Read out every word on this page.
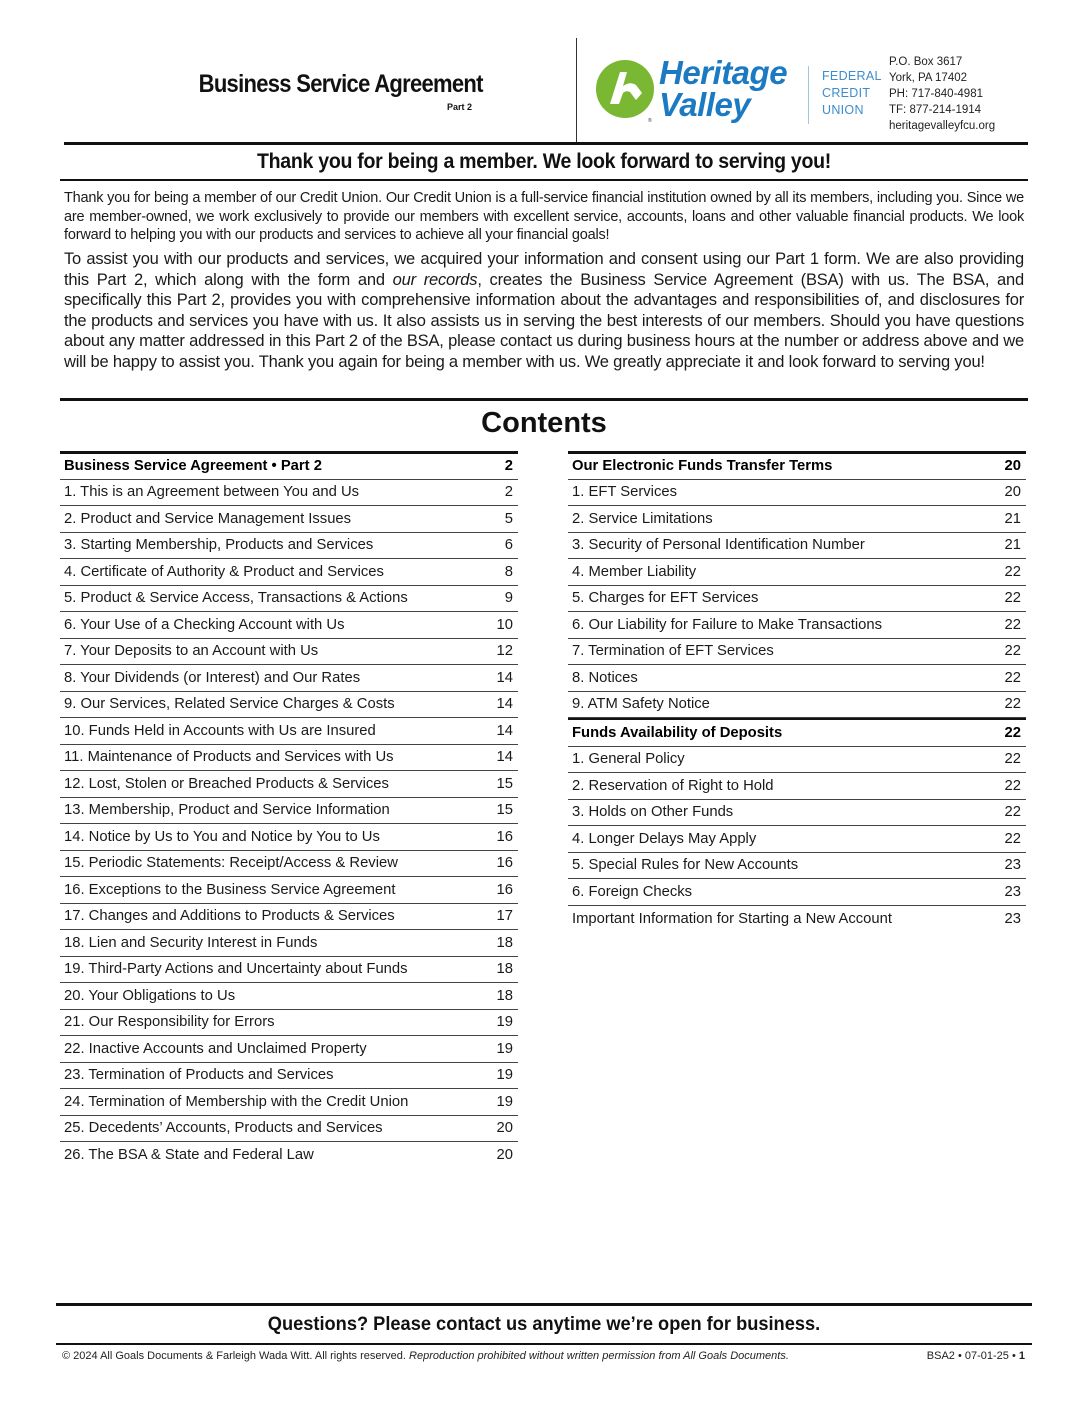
Business Service Agreement
Part 2
®
Heritage
Valley
FEDERAL
CREDIT
UNION
P.O. Box 3617
York, PA 17402
PH: 717-840-4981
TF: 877-214-1914
heritagevalleyfcu.org
Thank you for being a member. We look forward to serving you!
Thank you for being a member of our Credit Union. Our Credit Union is a full-service financial institution owned by all its members, including you. Since we are member-owned, we work exclusively to provide our members with excellent service, accounts, loans and other valuable financial products. We look forward to helping you with our products and services to achieve all your financial goals!
To assist you with our products and services, we acquired your information and consent using our Part 1 form. We are also providing this Part 2, which along with the form and our records, creates the Business Service Agreement (BSA) with us. The BSA, and specifically this Part 2, provides you with comprehensive information about the advantages and responsibilities of, and disclosures for the products and services you have with us. It also assists us in serving the best interests of our members. Should you have questions about any matter addressed in this Part 2 of the BSA, please contact us during business hours at the number or address above and we will be happy to assist you. Thank you again for being a member with us. We greatly appreciate it and look forward to serving you!
Contents
Business Service Agreement • Part 2	2
1. This is an Agreement between You and Us	2
2. Product and Service Management Issues	5
3. Starting Membership, Products and Services	6
4. Certificate of Authority & Product and Services	8
5. Product & Service Access, Transactions & Actions	9
6. Your Use of a Checking Account with Us	10
7. Your Deposits to an Account with Us	12
8. Your Dividends (or Interest) and Our Rates	14
9. Our Services, Related Service Charges & Costs	14
10. Funds Held in Accounts with Us are Insured	14
11. Maintenance of Products and Services with Us	14
12. Lost, Stolen or Breached Products & Services	15
13. Membership, Product and Service Information	15
14. Notice by Us to You and Notice by You to Us	16
15. Periodic Statements: Receipt/Access & Review	16
16. Exceptions to the Business Service Agreement	16
17. Changes and Additions to Products & Services	17
18. Lien and Security Interest in Funds	18
19. Third-Party Actions and Uncertainty about Funds	18
20. Your Obligations to Us	18
21. Our Responsibility for Errors	19
22. Inactive Accounts and Unclaimed Property	19
23. Termination of Products and Services	19
24. Termination of Membership with the Credit Union	19
25. Decedents’ Accounts, Products and Services	20
26. The BSA & State and Federal Law	20
Our Electronic Funds Transfer Terms	20
1. EFT Services	20
2. Service Limitations	21
3. Security of Personal Identification Number	21
4. Member Liability	22
5. Charges for EFT Services	22
6. Our Liability for Failure to Make Transactions	22
7. Termination of EFT Services	22
8. Notices	22
9. ATM Safety Notice	22
Funds Availability of Deposits	22
1. General Policy	22
2. Reservation of Right to Hold	22
3. Holds on Other Funds	22
4. Longer Delays May Apply	22
5. Special Rules for New Accounts	23
6. Foreign Checks	23
Important Information for Starting a New Account	23
Questions? Please contact us anytime we’re open for business.
© 2024 All Goals Documents & Farleigh Wada Witt. All rights reserved. Reproduction prohibited without written permission from All Goals Documents.	BSA2 • 07-01-25 • 1
